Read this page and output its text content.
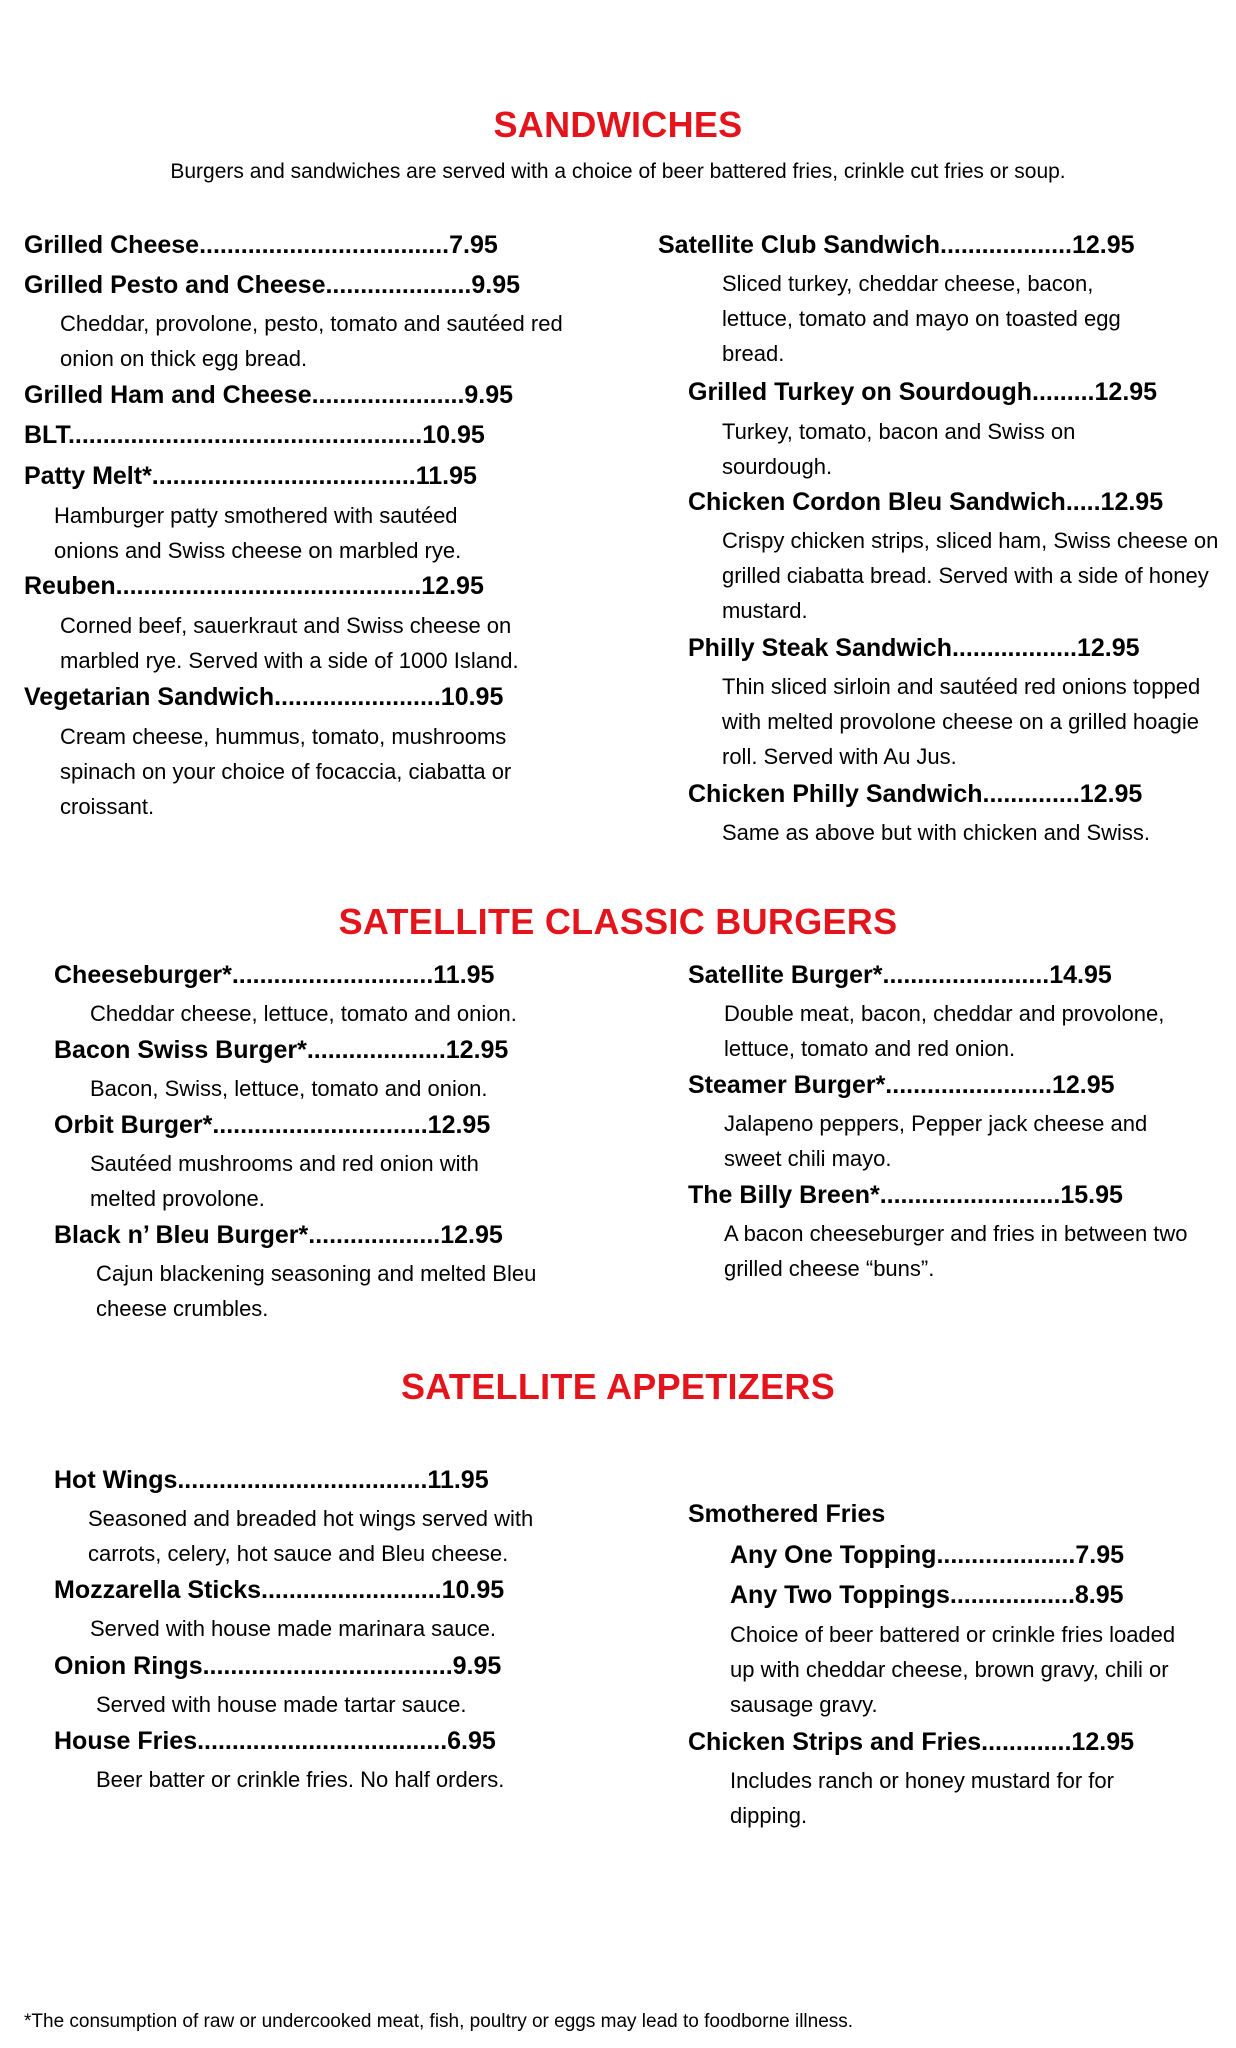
SANDWICHES
Burgers and sandwiches are served with a choice of beer battered fries, crinkle cut fries or soup.
Grilled Cheese....................................7.95
Grilled Pesto and Cheese.....................9.95
Cheddar, provolone, pesto, tomato and sautéed red onion on thick egg bread.
Grilled Ham and Cheese......................9.95
BLT...................................................10.95
Patty Melt*......................................11.95
Hamburger patty smothered with sautéed onions and Swiss cheese on marbled rye.
Reuben............................................12.95
Corned beef, sauerkraut and Swiss cheese on marbled rye. Served with a side of 1000 Island.
Vegetarian Sandwich........................10.95
Cream cheese, hummus, tomato, mushrooms spinach on your choice of focaccia, ciabatta or croissant.
Satellite Club Sandwich...................12.95
Sliced turkey, cheddar cheese, bacon, lettuce, tomato and mayo on toasted egg bread.
Grilled Turkey on Sourdough.........12.95
Turkey, tomato, bacon and Swiss on sourdough.
Chicken Cordon Bleu Sandwich.....12.95
Crispy chicken strips, sliced ham, Swiss cheese on grilled ciabatta bread. Served with a side of honey mustard.
Philly Steak Sandwich..................12.95
Thin sliced sirloin and sautéed red onions topped with melted provolone cheese on a grilled hoagie roll. Served with Au Jus.
Chicken Philly Sandwich..............12.95
Same as above but with chicken and Swiss.
SATELLITE CLASSIC BURGERS
Cheeseburger*.............................11.95
Cheddar cheese, lettuce, tomato and onion.
Bacon Swiss Burger*....................12.95
Bacon, Swiss, lettuce, tomato and onion.
Orbit Burger*...............................12.95
Sautéed mushrooms and red onion with melted provolone.
Black n’ Bleu Burger*...................12.95
Cajun blackening seasoning and melted Bleu cheese crumbles.
Satellite Burger*........................14.95
Double meat, bacon, cheddar and provolone, lettuce, tomato and red onion.
Steamer Burger*........................12.95
Jalapeno peppers, Pepper jack cheese and sweet chili mayo.
The Billy Breen*..........................15.95
A bacon cheeseburger and fries in between two grilled cheese “buns”.
SATELLITE APPETIZERS
Hot Wings....................................11.95
Seasoned and breaded hot wings served with carrots, celery, hot sauce and Bleu cheese.
Mozzarella Sticks..........................10.95
Served with house made marinara sauce.
Onion Rings....................................9.95
Served with house made tartar sauce.
House Fries....................................6.95
Beer batter or crinkle fries. No half orders.
Smothered Fries
Any One Topping....................7.95
Any Two Toppings..................8.95
Choice of beer battered or crinkle fries loaded up with cheddar cheese, brown gravy, chili or sausage gravy.
Chicken Strips and Fries.............12.95
Includes ranch or honey mustard for for dipping.
*The consumption of raw or undercooked meat, fish, poultry or eggs may lead to foodborne illness.
